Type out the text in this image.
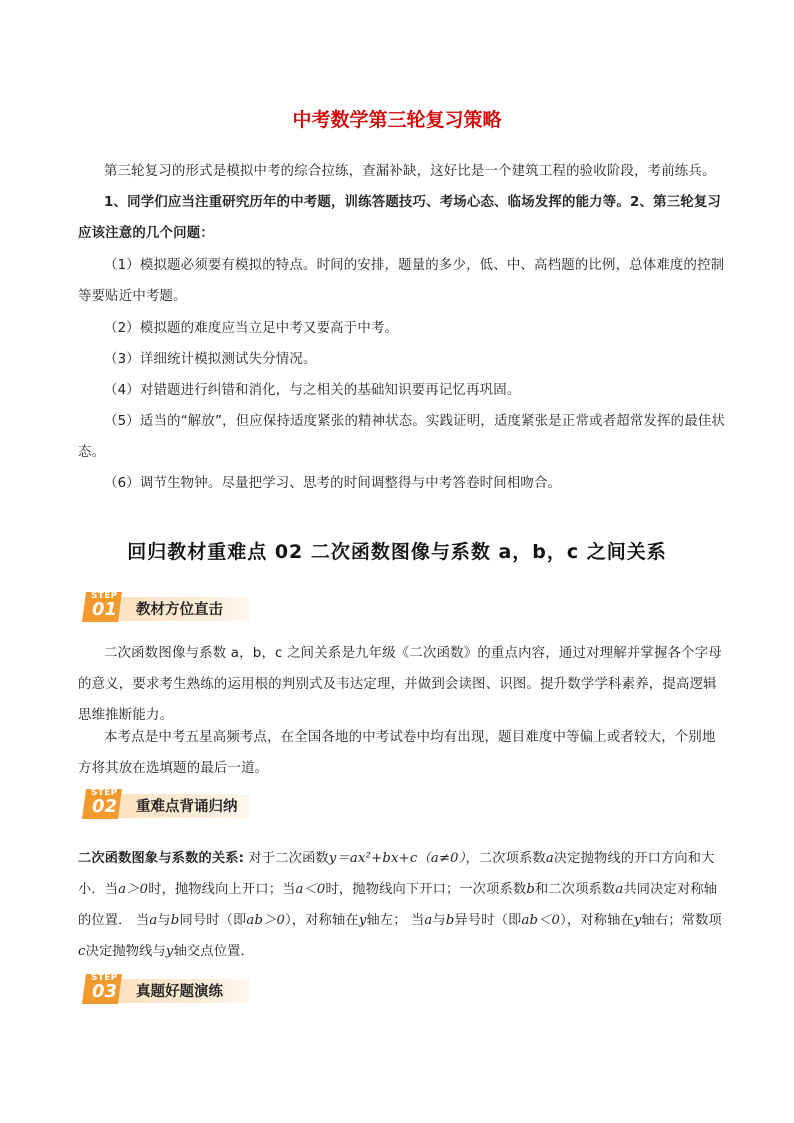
中考数学第三轮复习策略

第三轮复习的形式是模拟中考的综合拉练，查漏补缺，这好比是一个建筑工程的验收阶段，考前练兵。

1、同学们应当注重研究历年的中考题，训练答题技巧、考场心态、临场发挥的能力等。2、第三轮复习应该注意的几个问题：

（1）模拟题必须要有模拟的特点。时间的安排，题量的多少，低、中、高档题的比例，总体难度的控制等要贴近中考题。

（2）模拟题的难度应当立足中考又要高于中考。

（3）详细统计模拟测试失分情况。

（4）对错题进行纠错和消化，与之相关的基础知识要再记忆再巩固。

（5）适当的“解放”，但应保持适度紧张的精神状态。实践证明，适度紧张是正常或者超常发挥的最佳状态。

（6）调节生物钟。尽量把学习、思考的时间调整得与中考答卷时间相吻合。

回归教材重难点 02 二次函数图像与系数 a，b，c 之间关系
STEP
01 教材方位直击

二次函数图像与系数 a，b，c 之间关系是九年级《二次函数》的重点内容，通过对理解并掌握各个字母的意义，要求考生熟练的运用根的判别式及韦达定理，并做到会读图、识图。提升数学学科素养，提高逻辑思维推断能力。

本考点是中考五星高频考点，在全国各地的中考试卷中均有出现，题目难度中等偏上或者较大，个别地方将其放在选填题的最后一道。

STEP
02 重难点背诵归纳

二次函数图象与系数的关系: 对于二次函数y＝ax²+bx+c（a≠0），二次项系数a决定抛物线的开口方向和大小．当a＞0时，抛物线向上开口；当a＜0时，抛物线向下开口；一次项系数b和二次项系数a共同决定对称轴的位置． 当a与b同号时（即ab＞0），对称轴在y轴左； 当a与b异号时（即ab＜0），对称轴在y轴右；常数项c决定抛物线与y轴交点位置．

STEP
03 真题好题演练
